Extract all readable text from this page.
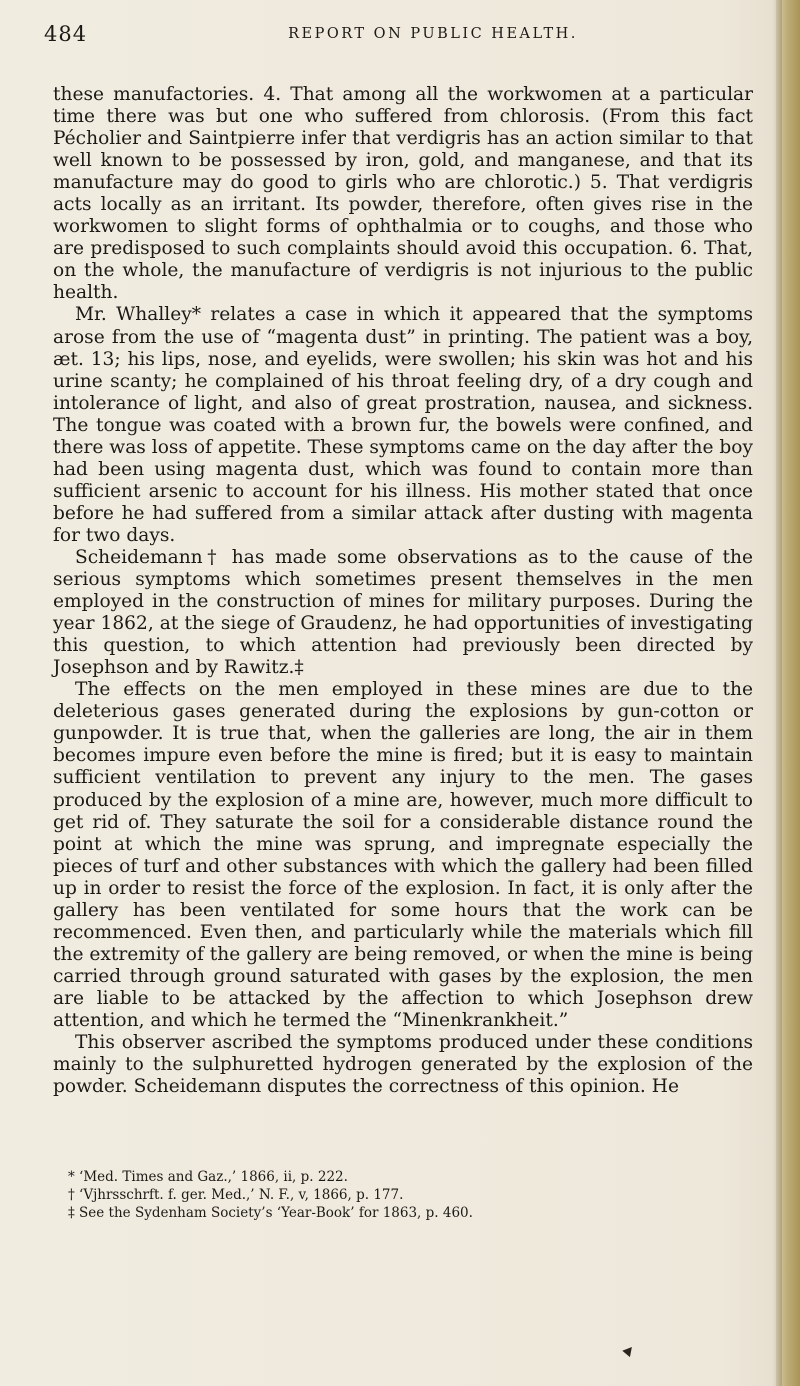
484	REPORT ON PUBLIC HEALTH.

these manufactories. 4. That among all the workwomen at a particular time there was but one who suffered from chlorosis. (From this fact Pécholier and Saintpierre infer that verdigris has an action similar to that well known to be possessed by iron, gold, and manganese, and that its manufacture may do good to girls who are chlorotic.) 5. That verdigris acts locally as an irritant. Its powder, therefore, often gives rise in the workwomen to slight forms of ophthalmia or to coughs, and those who are predisposed to such complaints should avoid this occupation. 6. That, on the whole, the manufacture of verdigris is not injurious to the public health.

Mr. Whalley* relates a case in which it appeared that the symptoms arose from the use of “magenta dust” in printing. The patient was a boy, æt. 13; his lips, nose, and eyelids, were swollen; his skin was hot and his urine scanty; he complained of his throat feeling dry, of a dry cough and intolerance of light, and also of great prostration, nausea, and sickness. The tongue was coated with a brown fur, the bowels were confined, and there was loss of appetite. These symptoms came on the day after the boy had been using magenta dust, which was found to contain more than sufficient arsenic to account for his illness. His mother stated that once before he had suffered from a similar attack after dusting with magenta for two days.

Scheidemann† has made some observations as to the cause of the serious symptoms which sometimes present themselves in the men employed in the construction of mines for military purposes. During the year 1862, at the siege of Graudenz, he had opportunities of investigating this question, to which attention had previously been directed by Josephson and by Rawitz.‡

The effects on the men employed in these mines are due to the deleterious gases generated during the explosions by gun-cotton or gunpowder. It is true that, when the galleries are long, the air in them becomes impure even before the mine is fired; but it is easy to maintain sufficient ventilation to prevent any injury to the men. The gases produced by the explosion of a mine are, however, much more difficult to get rid of. They saturate the soil for a considerable distance round the point at which the mine was sprung, and impregnate especially the pieces of turf and other substances with which the gallery had been filled up in order to resist the force of the explosion. In fact, it is only after the gallery has been ventilated for some hours that the work can be recommenced. Even then, and particularly while the materials which fill the extremity of the gallery are being removed, or when the mine is being carried through ground saturated with gases by the explosion, the men are liable to be attacked by the affection to which Josephson drew attention, and which he termed the “Minenkrankheit.”

This observer ascribed the symptoms produced under these conditions mainly to the sulphuretted hydrogen generated by the explosion of the powder. Scheidemann disputes the correctness of this opinion. He

* ‘Med. Times and Gaz.,’ 1866, ii, p. 222.

† ‘Vjhrsschrft. f. ger. Med.,’ N. F., v, 1866, p. 177.

‡ See the Sydenham Society’s ‘Year-Book’ for 1863, p. 460.
